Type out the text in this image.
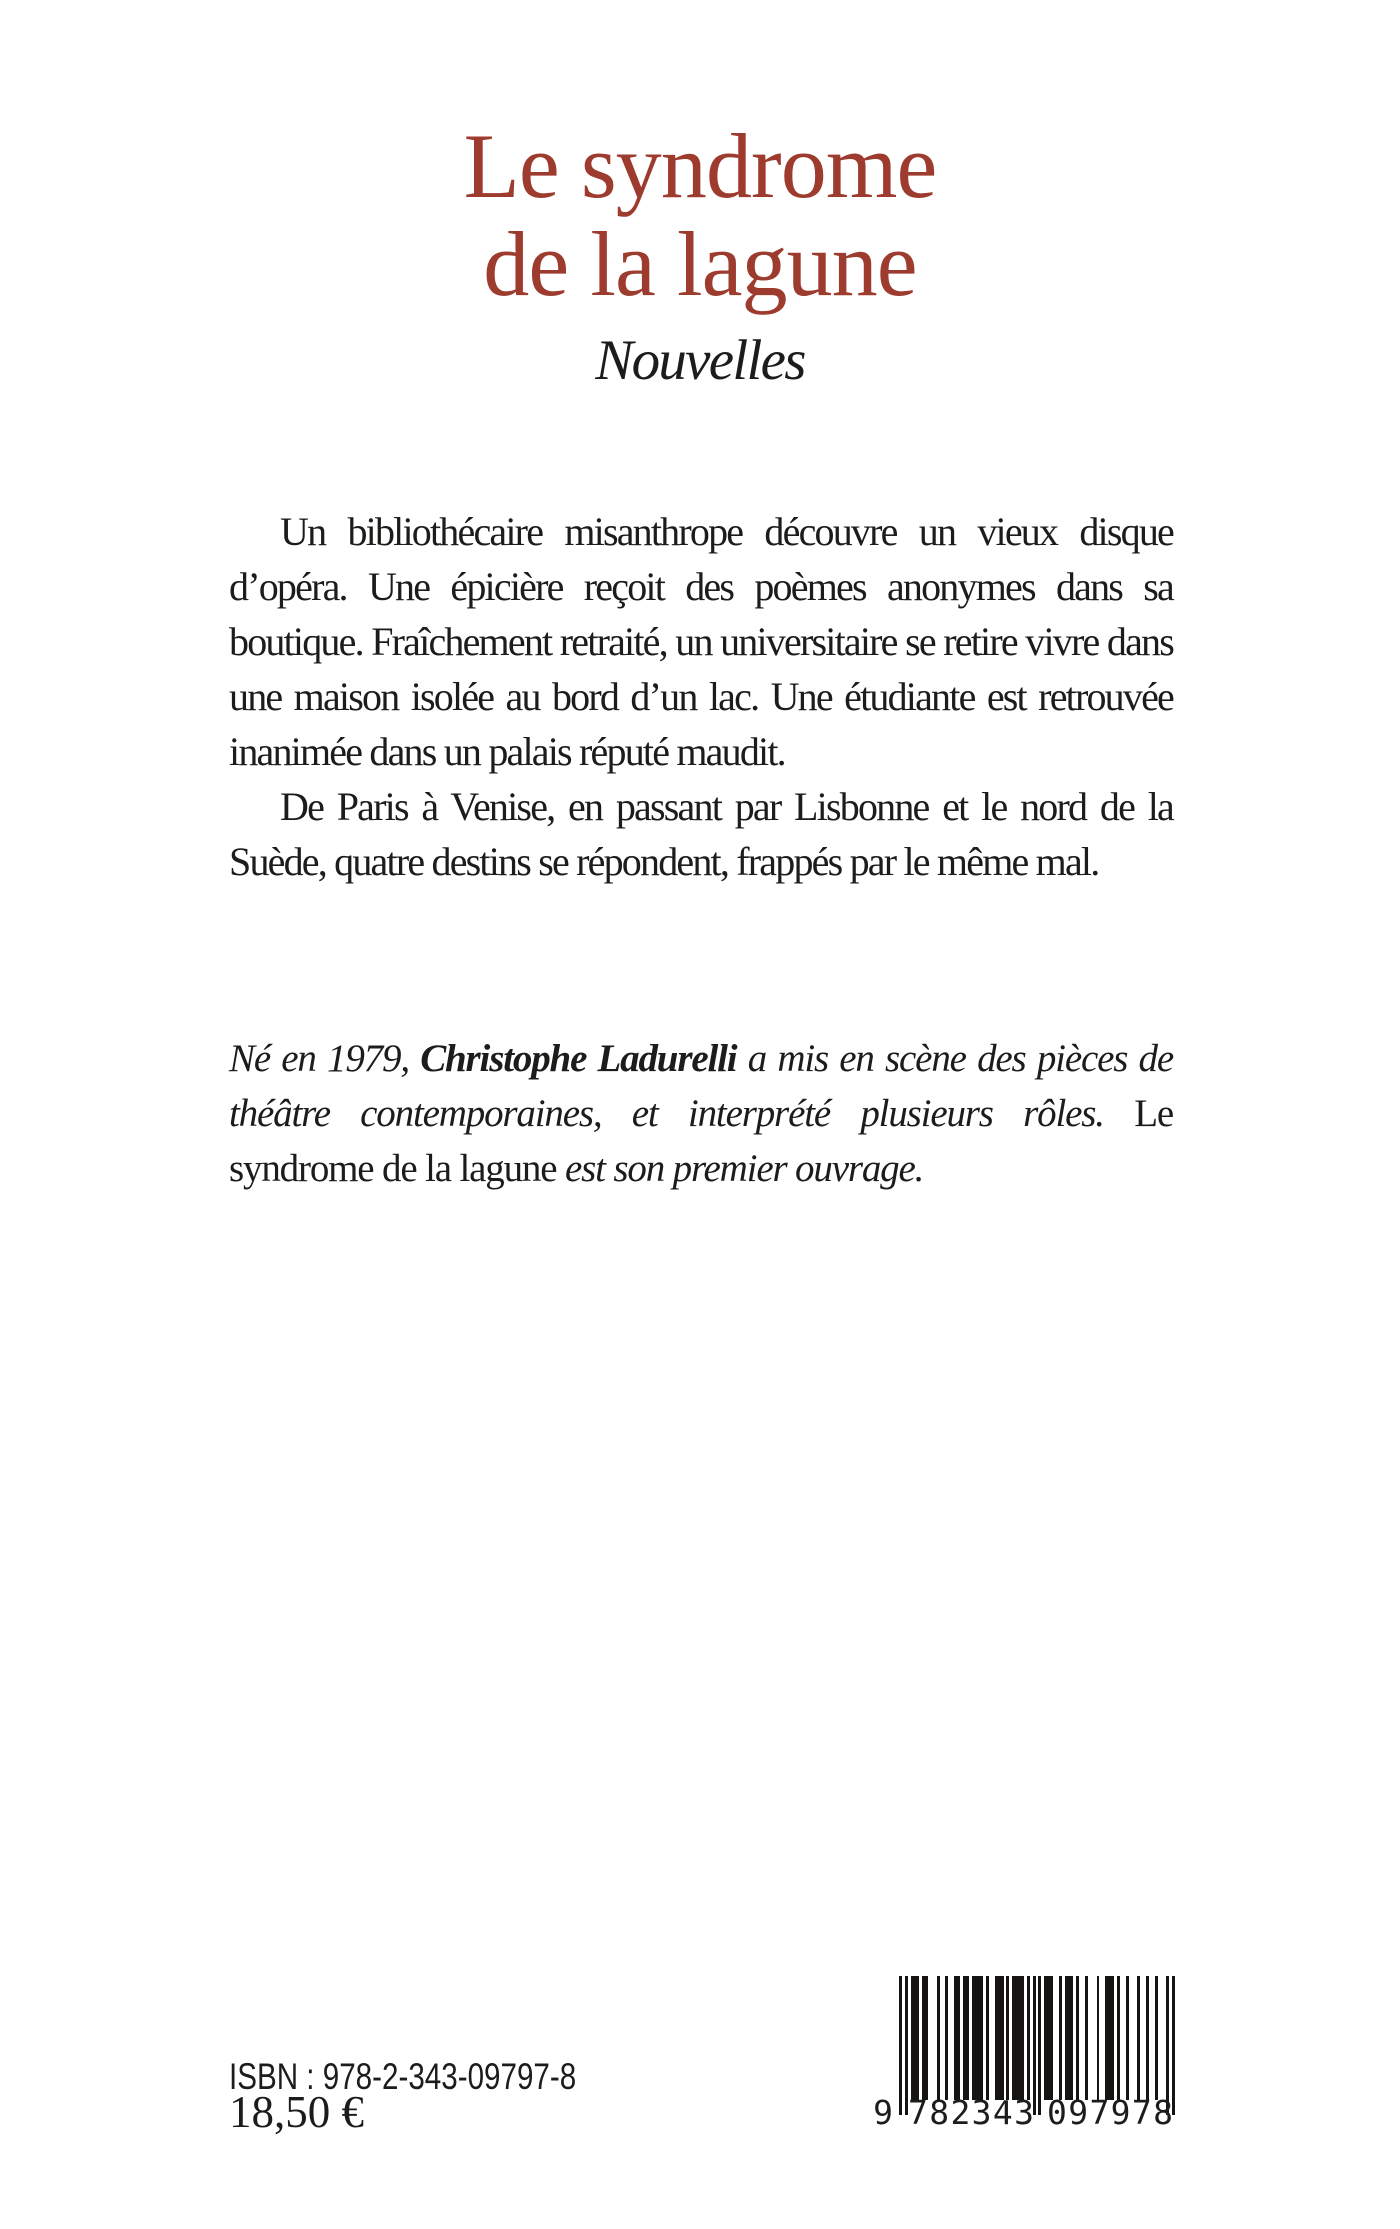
Le syndrome
de la lagune
Nouvelles

Un bibliothécaire misanthrope découvre un vieux disque d’opéra. Une épicière reçoit des poèmes anonymes dans sa boutique. Fraîchement retraité, un universitaire se retire vivre dans une maison isolée au bord d’un lac. Une étudiante est retrouvée inanimée dans un palais réputé maudit.

De Paris à Venise, en passant par Lisbonne et le nord de la Suède, quatre destins se répondent, frappés par le même mal.

Né en 1979, Christophe Ladurelli a mis en scène des pièces de théâtre contemporaines, et interprété plusieurs rôles. Le syndrome de la lagune est son premier ouvrage.

ISBN : 978-2-343-09797-8
18,50 €	9 7 8 2 3 4 3 0 9 7 9 7 8
